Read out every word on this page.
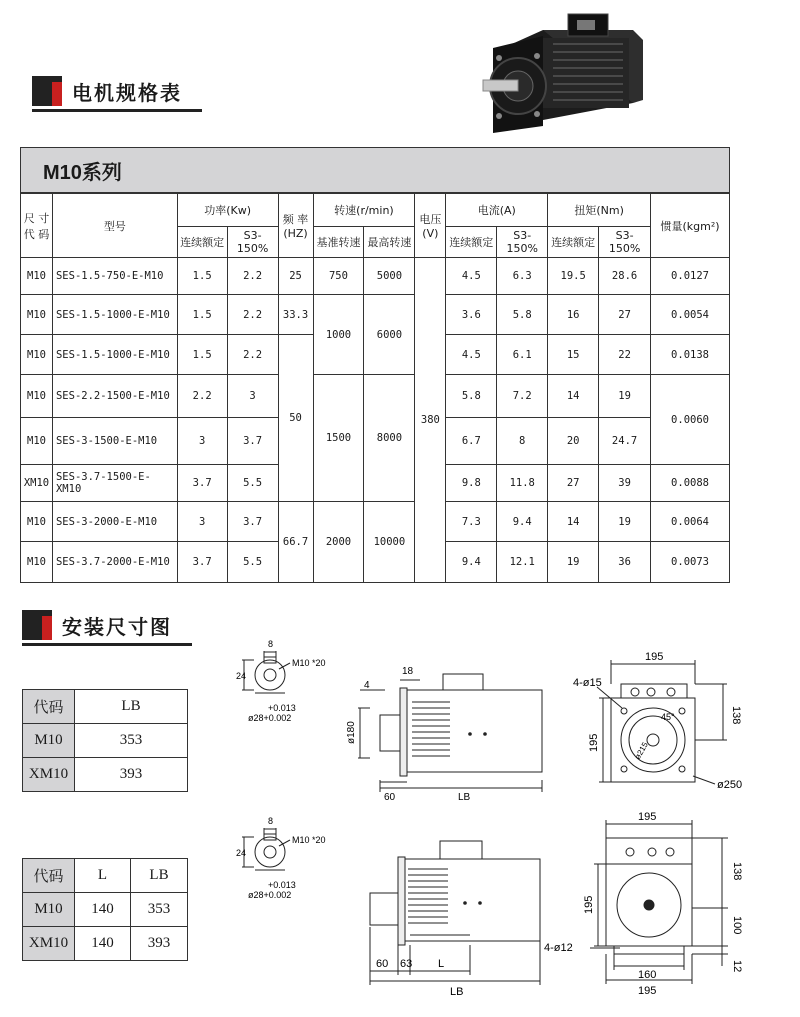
电机规格表
M10系列												
尺 寸
代 码	型号	功率(Kw)		频 率
(HZ)	转速(r/min)		电压
(V)	电流(A)		扭矩(Nm)		惯量(kgm²)
		连续额定	S3-150%		基准转速	最高转速		连续额定	S3-150%	连续额定	S3-150%	
M10	SES-1.5-750-E-M10	1.5	2.2	25	750	5000	380	4.5	6.3	19.5	28.6	0.0127
M10	SES-1.5-1000-E-M10	1.5	2.2	33.3	1000	6000		3.6	5.8	16	27	0.0054
M10	SES-1.5-1000-E-M10	1.5	2.2	50				4.5	6.1	15	22	0.0138
M10	SES-2.2-1500-E-M10	2.2	3		1500	8000		5.8	7.2	14	19	0.0060
M10	SES-3-1500-E-M10	3	3.7					6.7	8	20	24.7	
XM10	SES-3.7-1500-E-XM10	3.7	5.5					9.8	11.8	27	39	0.0088
M10	SES-3-2000-E-M10	3	3.7	66.7	2000	10000		7.3	9.4	14	19	0.0064
M10	SES-3.7-2000-E-M10	3.7	5.5					9.4	12.1	19	36	0.0073
安装尺寸图
代码	LB
M10	353
XM10	393
代码	L	LB
M10	140	353
XM10	140	393
8
24
M10 *20
+0.013
ø28+0.002
4
18
ø180
60	LB
195
4-ø15
138
195	ø215
45°
ø250
8
24
M10 *20
+0.013
ø28+0.002
60 63 L
LB
195
138
195
100
4-ø12
160
12
195
